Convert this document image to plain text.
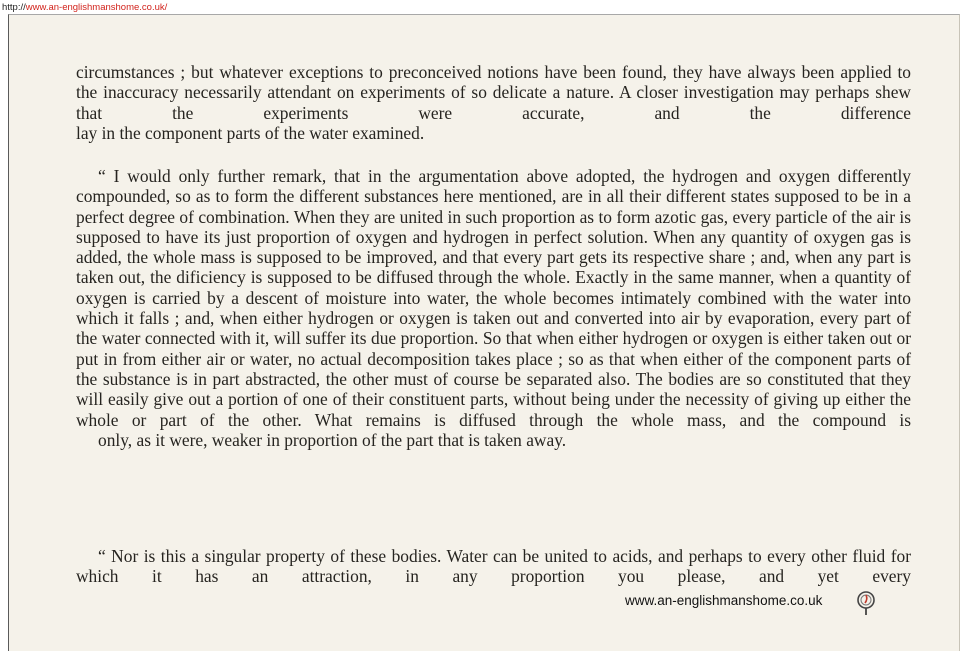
http://www.an-englishmanshome.co.uk/

circumstances ; but whatever exceptions to preconceived notions have been found, they have always been applied to the inaccuracy necessarily attendant on experiments of so delicate a nature. A closer investigation may perhaps shew that the experiments were accurate, and the difference
lay in the component parts of the water examined.

“ I would only further remark, that in the argumentation above adopted, the hydrogen and oxygen differently compounded, so as to form the different substances here mentioned, are in all their different states supposed to be in a perfect degree of combination. When they are united in such proportion as to form azotic gas, every particle of the air is supposed to have its just proportion of oxygen and hydrogen in perfect solution. When any quantity of oxygen gas is added, the whole mass is supposed to be improved, and that every part gets its respective share ; and, when any part is taken out, the dificiency is supposed to be diffused through the whole. Exactly in the same manner, when a quantity of oxygen is carried by a descent of moisture into water, the whole becomes intimately combined with the water into which it falls ; and, when either hydrogen or oxygen is taken out and converted into air by evaporation, every part of the water connected with it, will suffer its due proportion. So that when either hydrogen or oxygen is either taken out or put in from either air or water, no actual decomposition takes place ; so as that when either of the component parts of the substance is in part abstracted, the other must of course be separated also. The bodies are so constituted that they will easily give out a portion of one of their constituent parts, without being under the necessity of giving up either the whole or part of the other. What remains is diffused through the whole mass, and the compound is
only, as it were, weaker in proportion of the part that is taken away.

“ Nor is this a singular property of these bodies. Water can be united to acids, and perhaps to every other fluid for which it has an attraction, in any proportion you please, and yet every

www.an-englishmanshome.co.uk
